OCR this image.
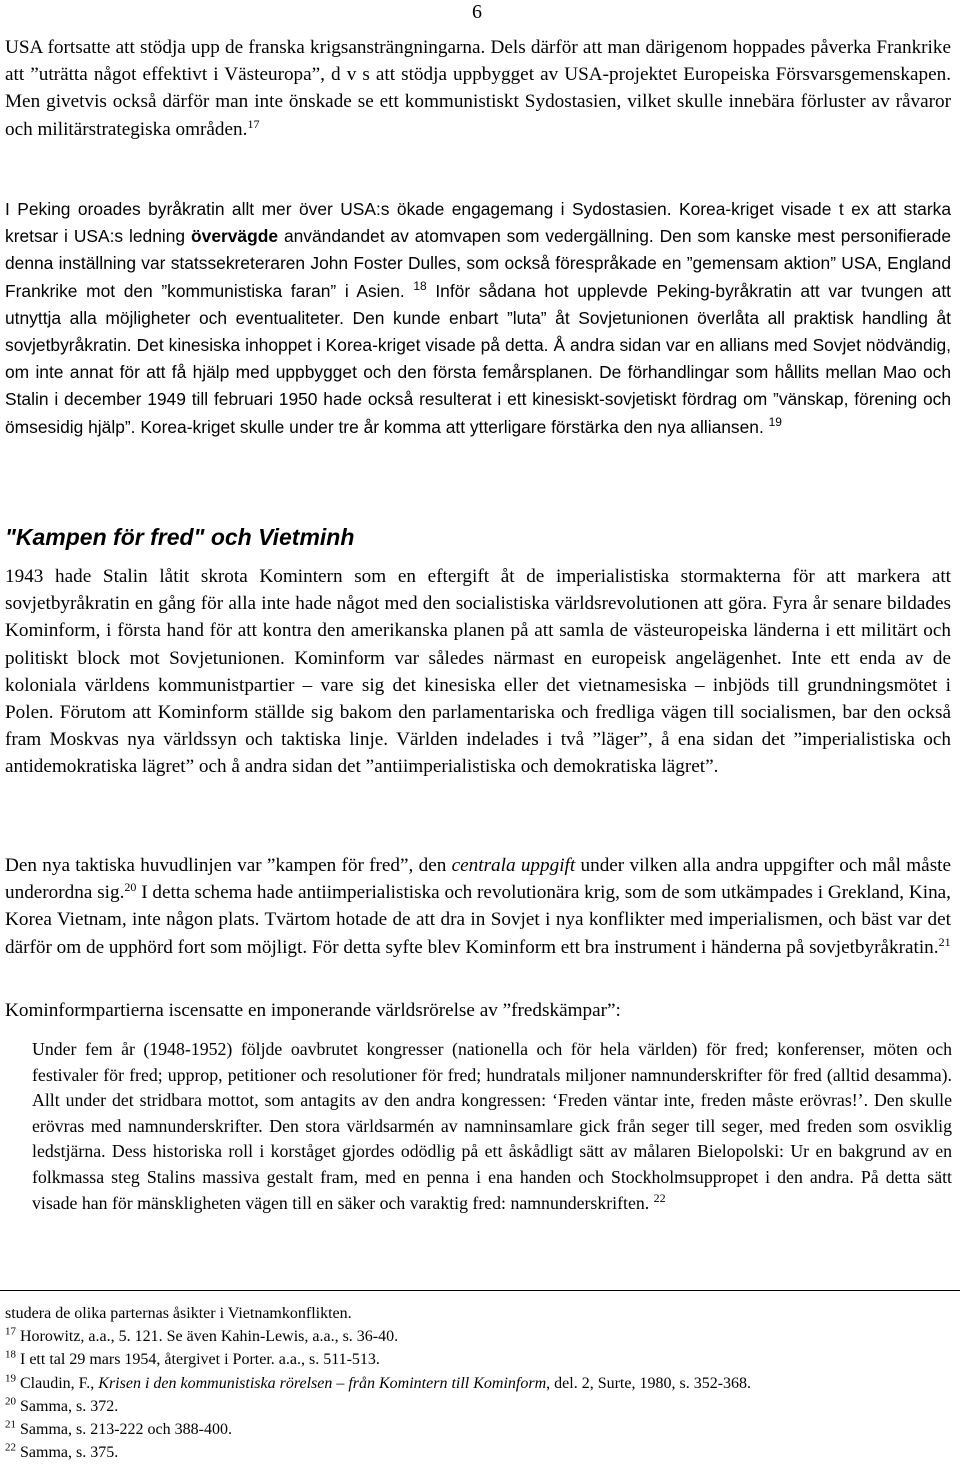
6

USA fortsatte att stödja upp de franska krigsansträngningarna. Dels därför att man därigenom hoppades påverka Frankrike att ”uträtta något effektivt i Västeuropa”, d v s att stödja uppbygget av USA-projektet Europeiska Försvarsgemenskapen. Men givetvis också därför man inte önskade se ett kommunistiskt Sydostasien, vilket skulle innebära förluster av råvaror och militärstrategiska områden.$^{17}$

I Peking oroades byråkratin allt mer över USA:s ökade engagemang i Sydostasien. Korea-kriget visade t ex att starka kretsar i USA:s ledning övervägde användandet av atomvapen som vedergällning. Den som kanske mest personifierade denna inställning var statssekreteraren John Foster Dulles, som också förespråkade en ”gemensam aktion” USA, England Frankrike mot den ”kommunistiska faran” i Asien. $^{18}$ Inför sådana hot upplevde Peking-byråkratin att var tvungen att utnyttja alla möjligheter och eventualiteter. Den kunde enbart ”luta” åt Sovjetunionen överlåta all praktisk handling åt sovjetbyråkratin. Det kinesiska inhoppet i Korea-kriget visade på detta. Å andra sidan var en allians med Sovjet nödvändig, om inte annat för att få hjälp med uppbygget och den första femårsplanen. De förhandlingar som hållits mellan Mao och Stalin i december 1949 till februari 1950 hade också resulterat i ett kinesiskt-sovjetiskt fördrag om ”vänskap, förening och ömsesidig hjälp”. Korea-kriget skulle under tre år komma att ytterligare förstärka den nya alliansen. $^{19}$

"Kampen för fred" och Vietminh

1943 hade Stalin låtit skrota Komintern som en eftergift åt de imperialistiska stormakterna för att markera att sovjetbyråkratin en gång för alla inte hade något med den socialistiska världsrevolutionen att göra. Fyra år senare bildades Kominform, i första hand för att kontra den amerikanska planen på att samla de västeuropeiska länderna i ett militärt och politiskt block mot Sovjetunionen. Kominform var således närmast en europeisk angelägenhet. Inte ett enda av de koloniala världens kommunistpartier – vare sig det kinesiska eller det vietnamesiska – inbjöds till grundningsmötet i Polen. Förutom att Kominform ställde sig bakom den parlamentariska och fredliga vägen till socialismen, bar den också fram Moskvas nya världssyn och taktiska linje. Världen indelades i två ”läger”, å ena sidan det ”imperialistiska och antidemokratiska lägret” och å andra sidan det ”antiimperialistiska och demokratiska lägret”.

Den nya taktiska huvudlinjen var ”kampen för fred”, den centrala uppgift under vilken alla andra uppgifter och mål måste underordna sig.$^{20}$ I detta schema hade antiimperialistiska och revolutionära krig, som de som utkämpades i Grekland, Kina, Korea Vietnam, inte någon plats. Tvärtom hotade de att dra in Sovjet i nya konflikter med imperialismen, och bäst var det därför om de upphörd fort som möjligt. För detta syfte blev Kominform ett bra instrument i händerna på sovjetbyråkratin.$^{21}$

Kominformpartierna iscensatte en imponerande världsrörelse av ”fredskämpar”:

Under fem år (1948-1952) följde oavbrutet kongresser (nationella och för hela världen) för fred; konferenser, möten och festivaler för fred; upprop, petitioner och resolutioner för fred; hundratals miljoner namnunderskrifter för fred (alltid desamma). Allt under det stridbara mottot, som antagits av den andra kongressen: ‘Freden väntar inte, freden måste erövras!’. Den skulle erövras med namnunderskrifter. Den stora världsarmén av namninsamlare gick från seger till seger, med freden som osviklig ledstjärna. Dess historiska roll i korståget gjordes odödlig på ett åskådligt sätt av målaren Bielopolski: Ur en bakgrund av en folkmassa steg Stalins massiva gestalt fram, med en penna i ena handen och Stockholmsuppropet i den andra. På detta sätt visade han för mänskligheten vägen till en säker och varaktig fred: namnunderskriften. $^{22}$

studera de olika parternas åsikter i Vietnamkonflikten.

$^{17}$ Horowitz, a.a., 5. 121. Se även Kahin-Lewis, a.a., s. 36-40.

$^{18}$ I ett tal 29 mars 1954, återgivet i Porter. a.a., s. 511-513.

$^{19}$ Claudin, F., Krisen i den kommunistiska rörelsen – från Komintern till Kominform, del. 2, Surte, 1980, s. 352-368.

$^{20}$ Samma, s. 372.

$^{21}$ Samma, s. 213-222 och 388-400.

$^{22}$ Samma, s. 375.
